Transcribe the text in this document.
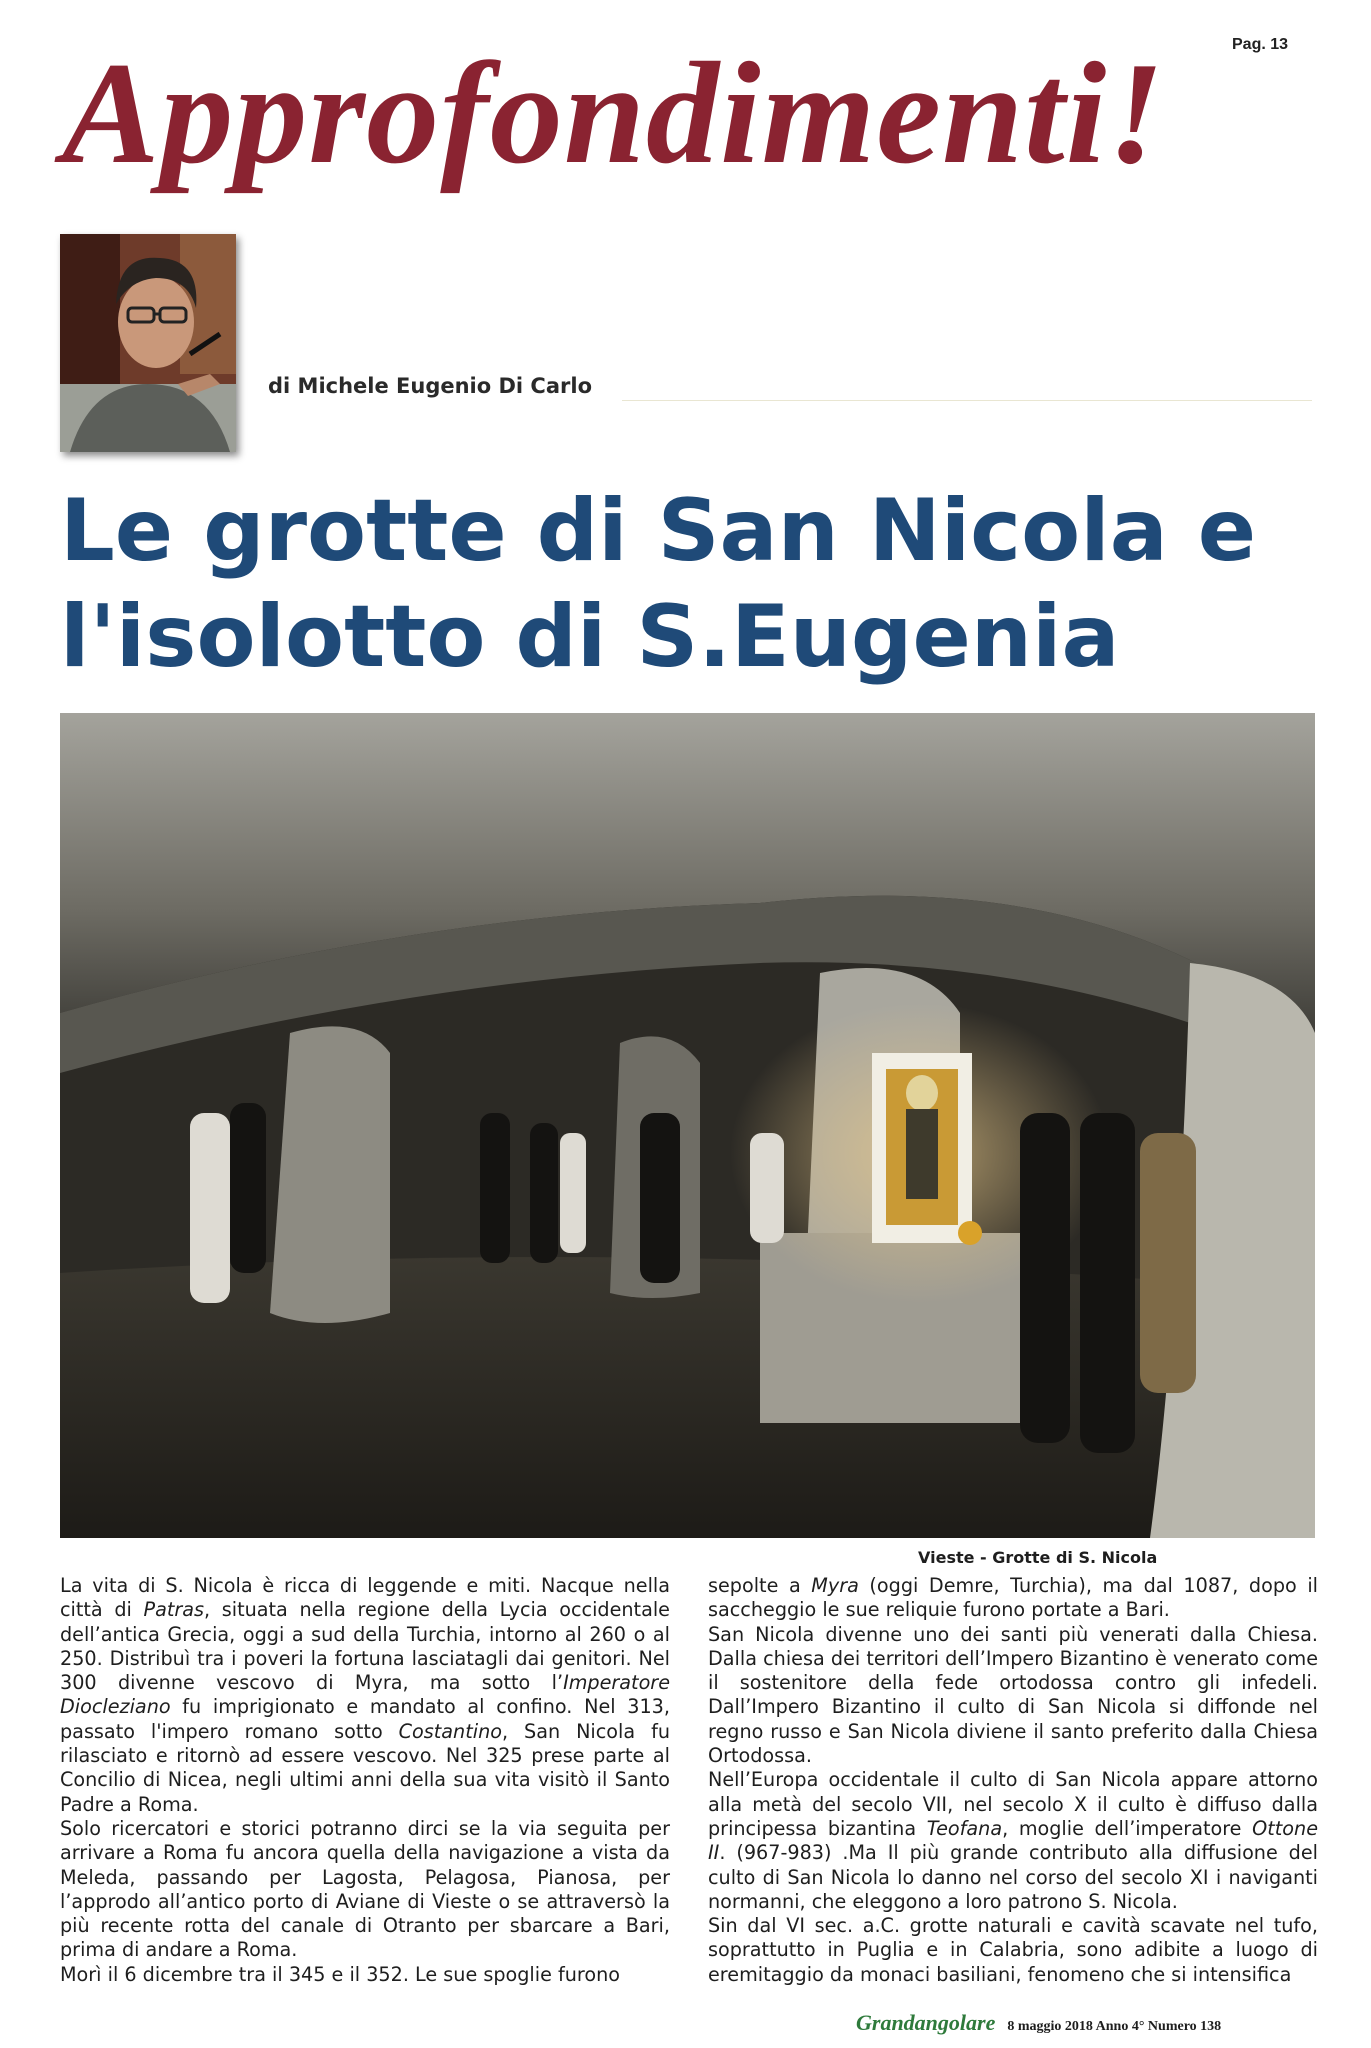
Pag. 13
Approfondimenti!
di Michele Eugenio Di Carlo
Le grotte di San Nicola e l'isolotto di S.Eugenia
Vieste - Grotte di S. Nicola

La vita di S. Nicola è ricca di leggende e miti. Nacque nella città di Patras, situata nella regione della Lycia occidentale dell’antica Grecia, oggi a sud della Turchia, intorno al 260 o al 250. Distribuì tra i poveri la fortuna lasciatagli dai genitori. Nel 300 divenne vescovo di Myra, ma sotto l’Imperatore Diocleziano fu imprigionato e mandato al confino. Nel 313, passato l'impero romano sotto Costantino, San Nicola fu rilasciato e ritornò ad essere vescovo. Nel 325 prese parte al Concilio di Nicea, negli ultimi anni della sua vita visitò il Santo Padre a Roma.

Solo ricercatori e storici potranno dirci se la via seguita per arrivare a Roma fu ancora quella della navigazione a vista da Meleda, passando per Lagosta, Pelagosa, Pianosa, per l’approdo all’antico porto di Aviane di Vieste o se attraversò la più recente rotta del canale di Otranto per sbarcare a Bari, prima di andare a Roma.

Morì il 6 dicembre tra il 345 e il 352. Le sue spoglie furono

sepolte a Myra (oggi Demre, Turchia), ma dal 1087, dopo il saccheggio le sue reliquie furono portate a Bari.

San Nicola divenne uno dei santi più venerati dalla Chiesa. Dalla chiesa dei territori dell’Impero Bizantino è venerato come il sostenitore della fede ortodossa contro gli infedeli. Dall’Impero Bizantino il culto di San Nicola si diffonde nel regno russo e San Nicola diviene il santo preferito dalla Chiesa Ortodossa.

Nell’Europa occidentale il culto di San Nicola appare attorno alla metà del secolo VII, nel secolo X il culto è diffuso dalla principessa bizantina Teofana, moglie dell’imperatore Ottone II. (967-983) .Ma Il più grande contributo alla diffusione del culto di San Nicola lo danno nel corso del secolo XI i naviganti normanni, che eleggono a loro patrono S. Nicola.

Sin dal VI sec. a.C. grotte naturali e cavità scavate nel tufo, soprattutto in Puglia e in Calabria, sono adibite a luogo di eremitaggio da monaci basiliani, fenomeno che si intensifica

Grandangolare 8 maggio 2018 Anno 4° Numero 138
